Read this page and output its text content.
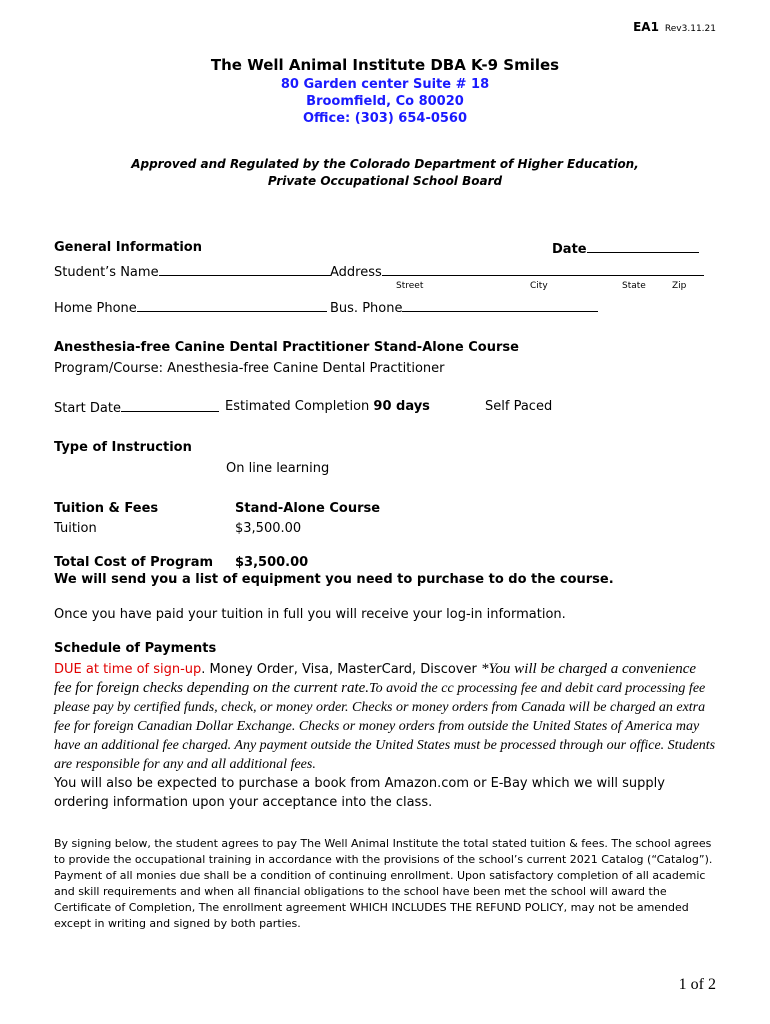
EA1 Rev3.11.21
The Well Animal Institute DBA K-9 Smiles
80 Garden center Suite # 18
Broomfield, Co 80020
Office: (303) 654-0560
Approved and Regulated by the Colorado Department of Higher Education,
Private Occupational School Board
General Information	Date
Student’s Name	Address
Street	City	State	Zip
Home Phone	Bus. Phone
Anesthesia-free Canine Dental Practitioner Stand-Alone Course
Program/Course: Anesthesia-free Canine Dental Practitioner
Start Date	Estimated Completion 90 days	Self Paced
Type of Instruction
On line learning
Tuition & Fees	Stand-Alone Course
Tuition	$3,500.00
Total Cost of Program $3,500.00
We will send you a list of equipment you need to purchase to do the course.
Once you have paid your tuition in full you will receive your log-in information.
Schedule of Payments
DUE at time of sign-up. Money Order, Visa, MasterCard, Discover *You will be charged a convenience fee for foreign checks depending on the current rate.To avoid the cc processing fee and debit card processing fee please pay by certified funds, check, or money order. Checks or money orders from Canada will be charged an extra fee for foreign Canadian Dollar Exchange. Checks or money orders from outside the United States of America may have an additional fee charged. Any payment outside the United States must be processed through our office. Students are responsible for any and all additional fees.
You will also be expected to purchase a book from Amazon.com or E-Bay which we will supply ordering information upon your acceptance into the class.
By signing below, the student agrees to pay The Well Animal Institute the total stated tuition & fees. The school agrees to provide the occupational training in accordance with the provisions of the school’s current 2021 Catalog (“Catalog”). Payment of all monies due shall be a condition of continuing enrollment. Upon satisfactory completion of all academic and skill requirements and when all financial obligations to the school have been met the school will award the Certificate of Completion, The enrollment agreement WHICH INCLUDES THE REFUND POLICY, may not be amended except in writing and signed by both parties.
1 of 2
